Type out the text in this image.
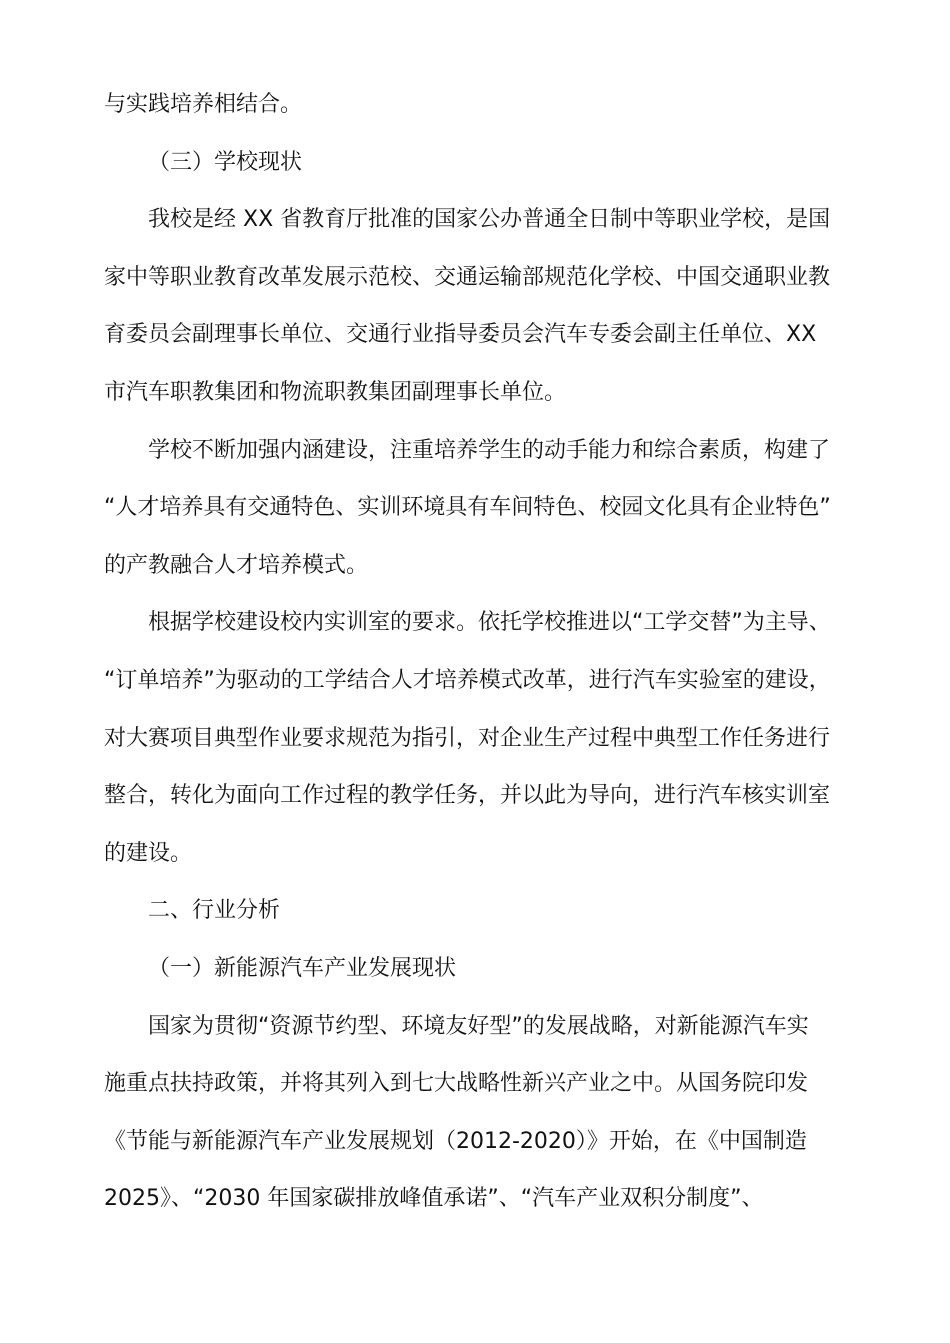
与实践培养相结合。
（三）学校现状
我校是经 XX 省教育厅批准的国家公办普通全日制中等职业学校，是国
家中等职业教育改革发展示范校、交通运输部规范化学校、中国交通职业教
育委员会副理事长单位、交通行业指导委员会汽车专委会副主任单位、XX
市汽车职教集团和物流职教集团副理事长单位。
学校不断加强内涵建设，注重培养学生的动手能力和综合素质，构建了
“人才培养具有交通特色、实训环境具有车间特色、校园文化具有企业特色”
的产教融合人才培养模式。
根据学校建设校内实训室的要求。依托学校推进以“工学交替”为主导、
“订单培养”为驱动的工学结合人才培养模式改革，进行汽车实验室的建设，
对大赛项目典型作业要求规范为指引，对企业生产过程中典型工作任务进行
整合，转化为面向工作过程的教学任务，并以此为导向，进行汽车核实训室
的建设。
二、行业分析
（一）新能源汽车产业发展现状
国家为贯彻“资源节约型、环境友好型”的发展战略，对新能源汽车实
施重点扶持政策，并将其列入到七大战略性新兴产业之中。从国务院印发
《节能与新能源汽车产业发展规划（2012-2020）》开始，在《中国制造
2025》、“2030 年国家碳排放峰值承诺”、“汽车产业双积分制度”、
